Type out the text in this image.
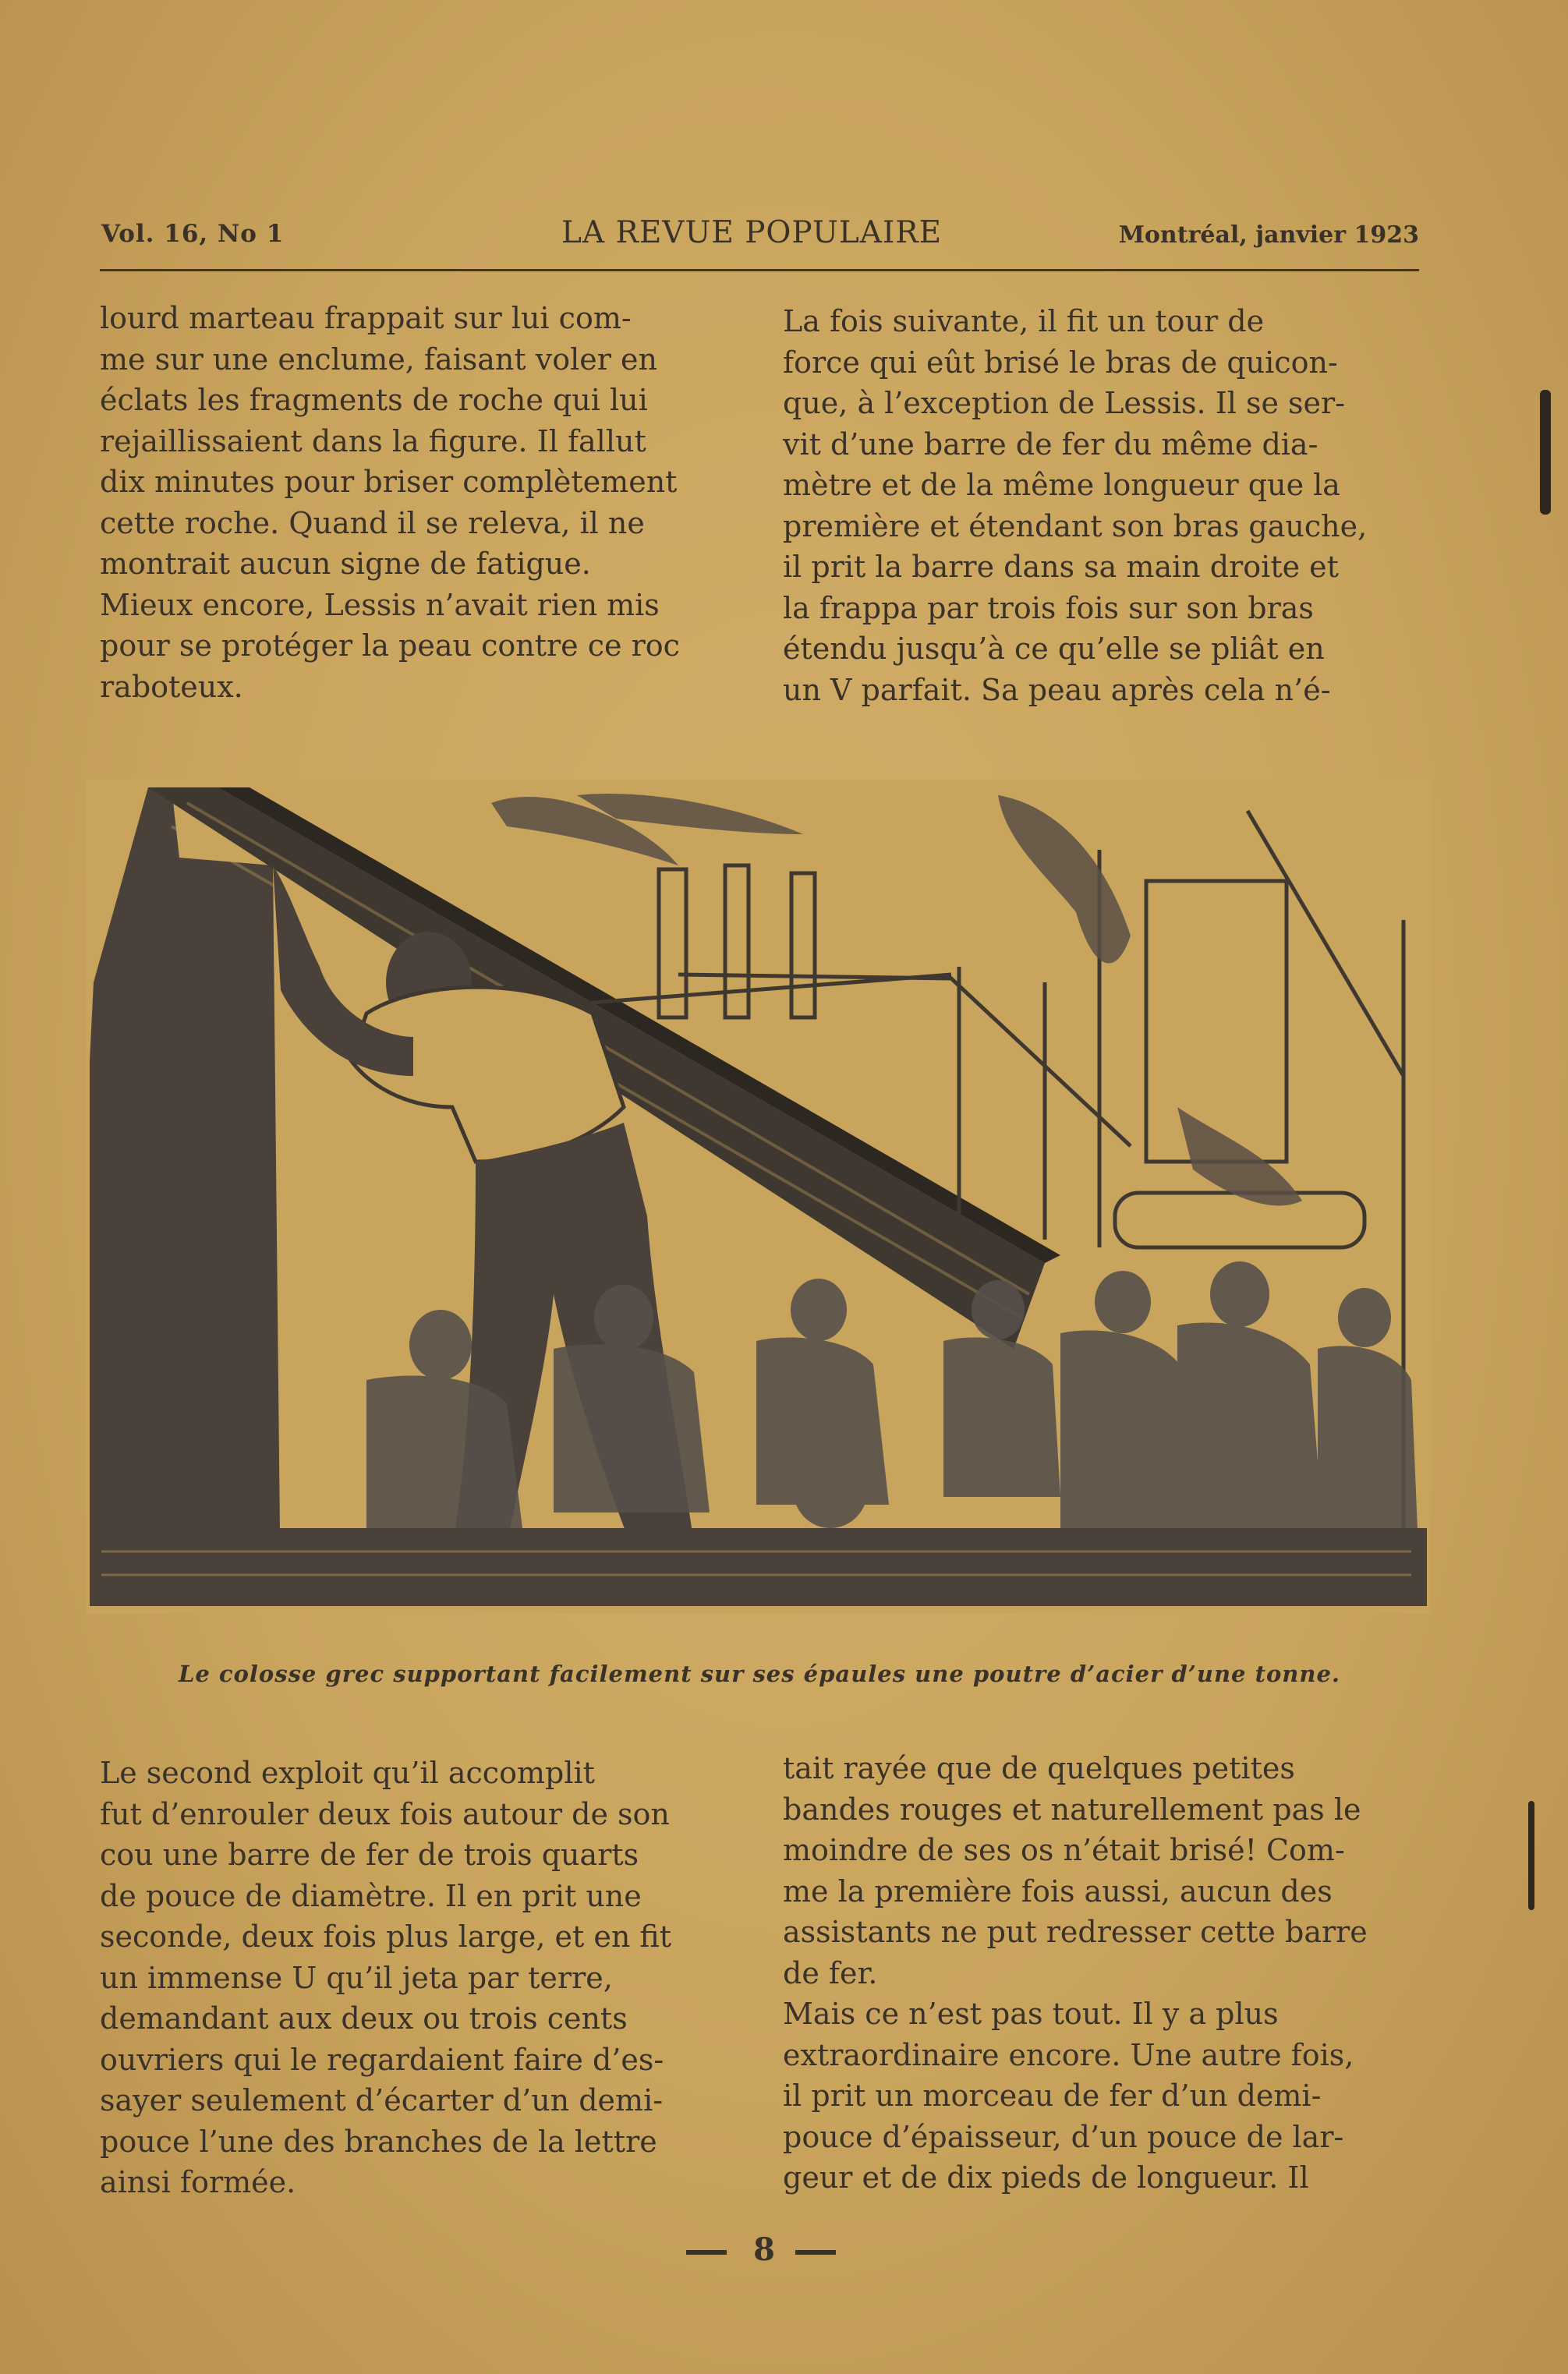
Vol. 16, No 1	LA REVUE POPULAIRE	Montréal, janvier 1923
lourd marteau frappait sur lui com-
me sur une enclume, faisant voler en
éclats les fragments de roche qui lui
rejaillissaient dans la figure. Il fallut
dix minutes pour briser complètement
cette roche. Quand il se releva, il ne
montrait aucun signe de fatigue.
Mieux encore, Lessis n’avait rien mis
pour se protéger la peau contre ce roc
raboteux.
La fois suivante, il fit un tour de
force qui eût brisé le bras de quicon-
que, à l’exception de Lessis. Il se ser-
vit d’une barre de fer du même dia-
mètre et de la même longueur que la
première et étendant son bras gauche,
il prit la barre dans sa main droite et
la frappa par trois fois sur son bras
étendu jusqu’à ce qu’elle se pliât en
un V parfait. Sa peau après cela n’é-
Le colosse grec supportant facilement sur ses épaules une poutre d’acier d’une tonne.
Le second exploit qu’il accomplit
fut d’enrouler deux fois autour de son
cou une barre de fer de trois quarts
de pouce de diamètre. Il en prit une
seconde, deux fois plus large, et en fit
un immense U qu’il jeta par terre,
demandant aux deux ou trois cents
ouvriers qui le regardaient faire d’es-
sayer seulement d’écarter d’un demi-
pouce l’une des branches de la lettre
ainsi formée.
tait rayée que de quelques petites
bandes rouges et naturellement pas le
moindre de ses os n’était brisé! Com-
me la première fois aussi, aucun des
assistants ne put redresser cette barre
de fer.
Mais ce n’est pas tout. Il y a plus
extraordinaire encore. Une autre fois,
il prit un morceau de fer d’un demi-
pouce d’épaisseur, d’un pouce de lar-
geur et de dix pieds de longueur. Il
8
